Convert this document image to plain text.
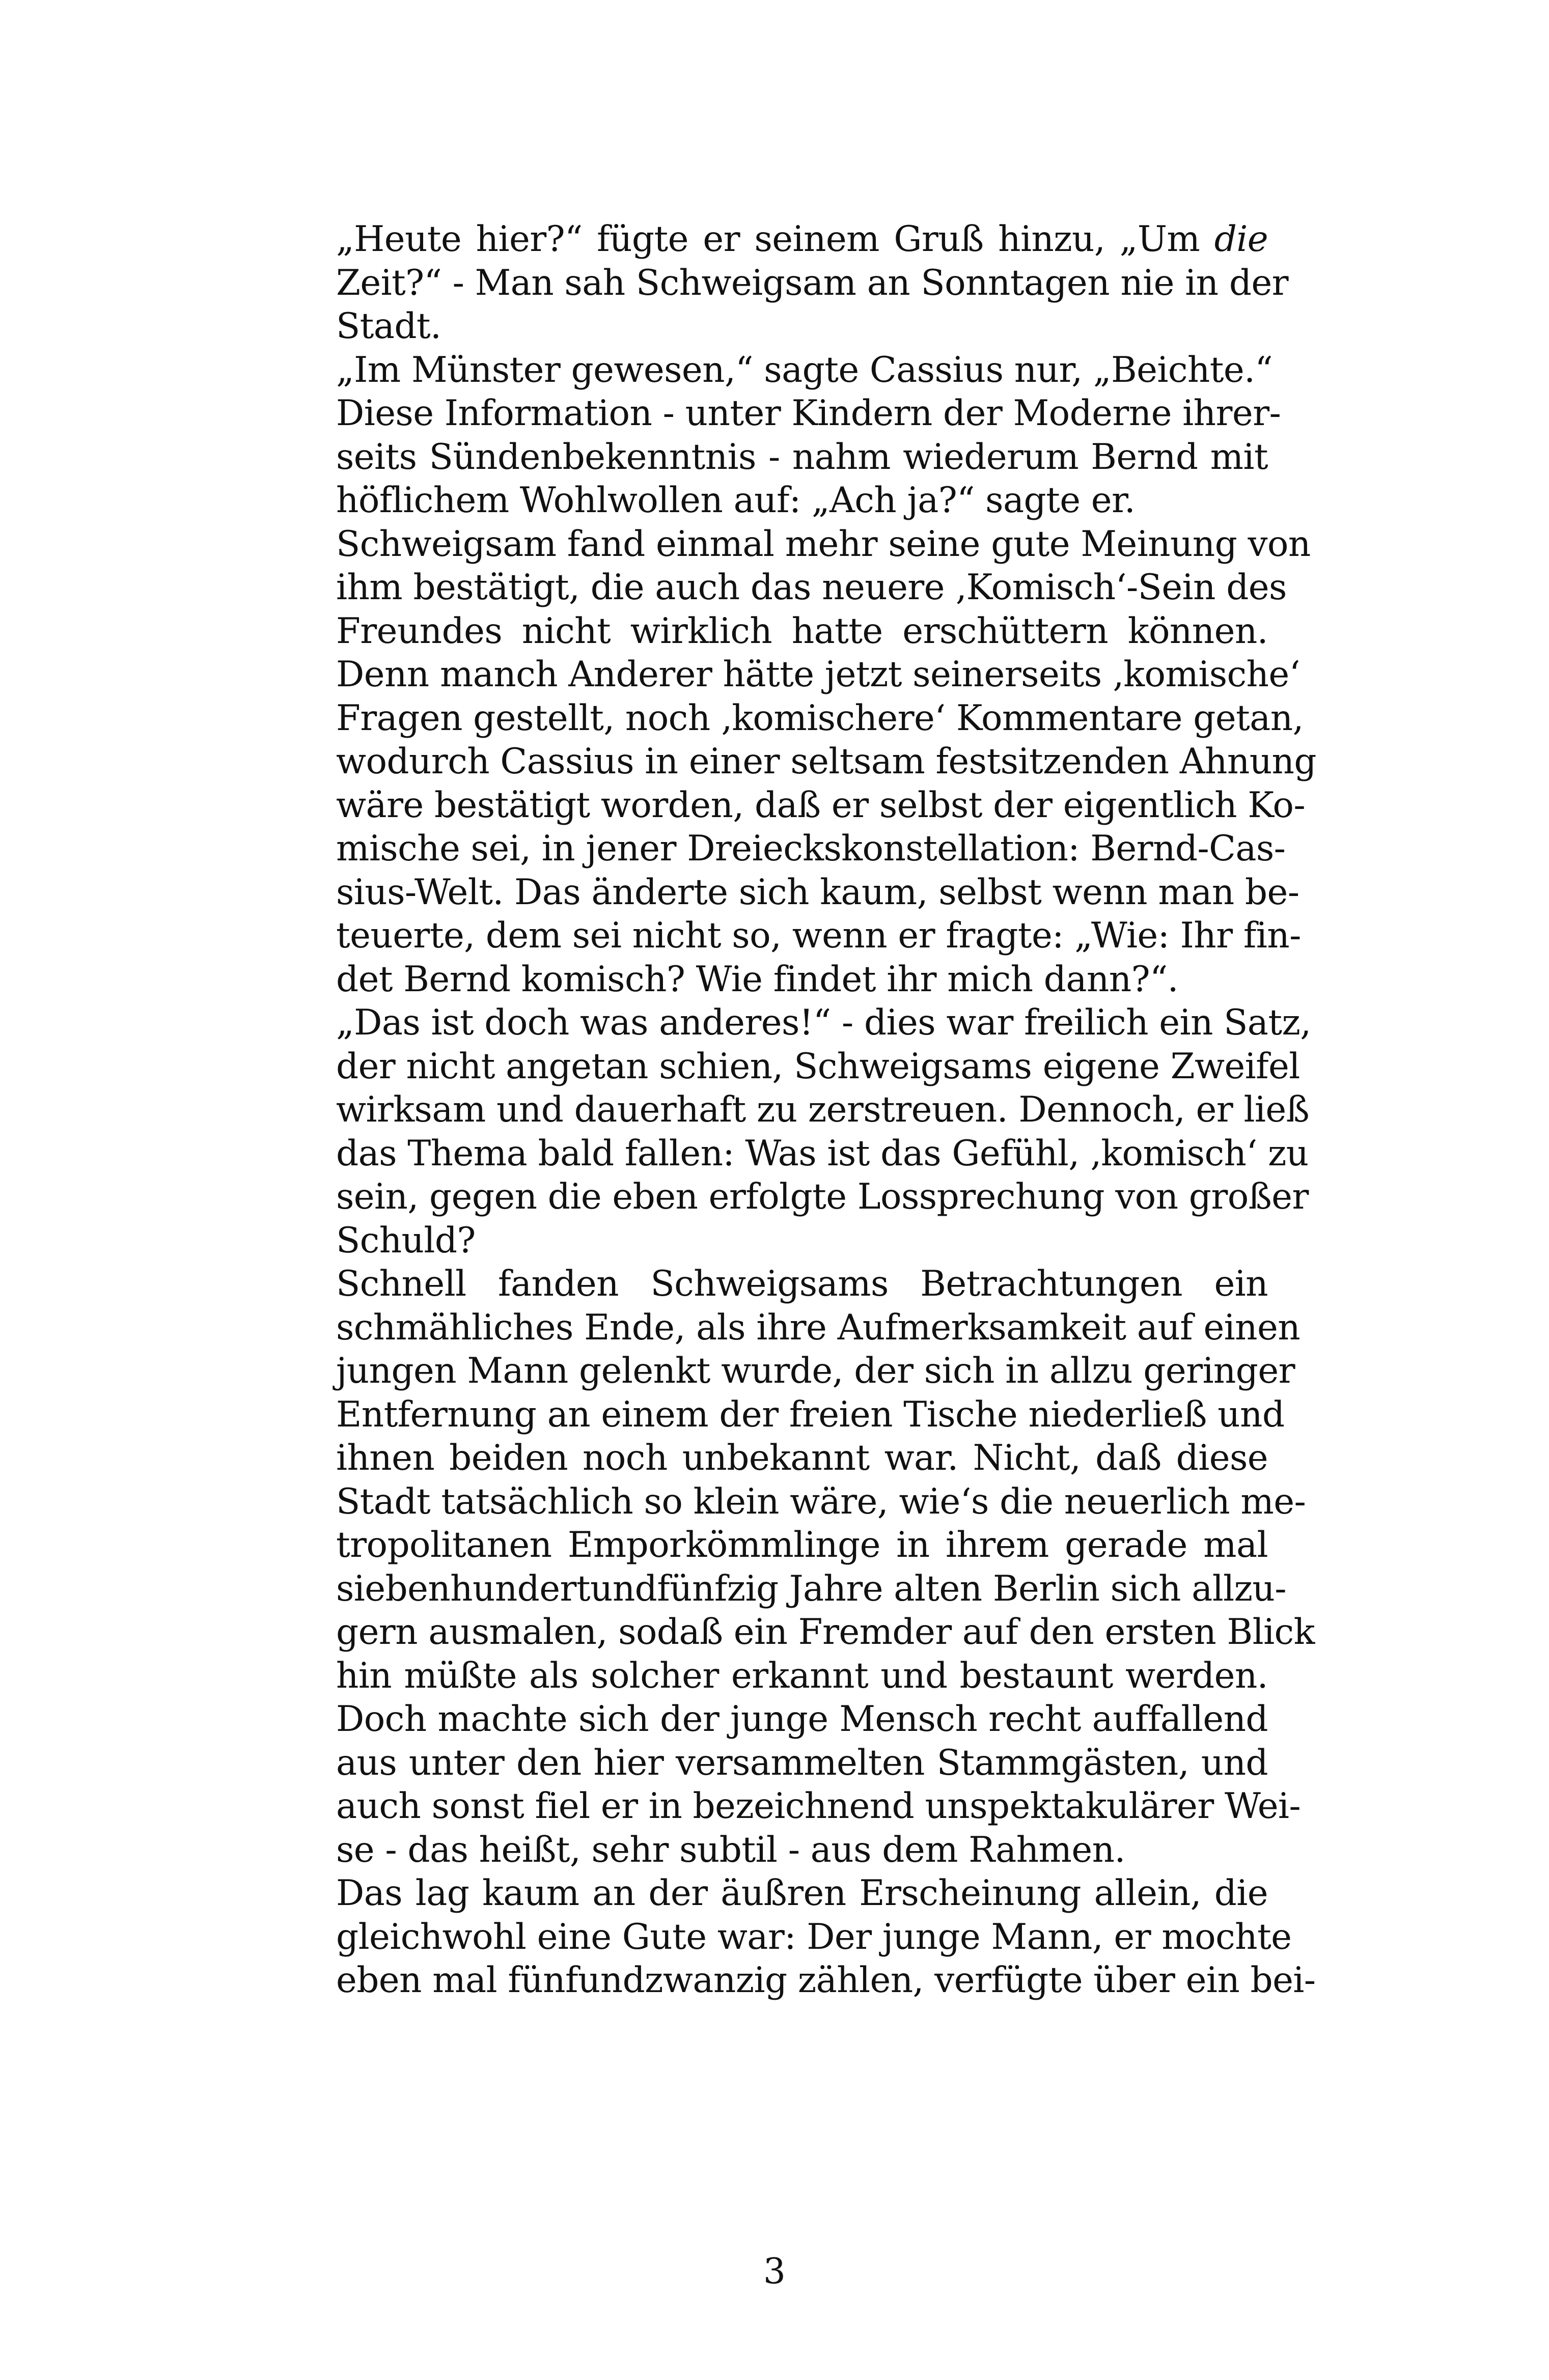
„Heute hier?“ fügte er seinem Gruß hinzu, „Um die
Zeit?“ - Man sah Schweigsam an Sonntagen nie in der
Stadt.
„Im Münster gewesen,“ sagte Cassius nur, „Beichte.“
Diese Information - unter Kindern der Moderne ihrer-
seits Sündenbekenntnis - nahm wiederum Bernd mit
höflichem Wohlwollen auf: „Ach ja?“ sagte er.
Schweigsam fand einmal mehr seine gute Meinung von
ihm bestätigt, die auch das neuere ‚Komisch‘-Sein des
Freundes nicht wirklich hatte erschüttern können.
Denn manch Anderer hätte jetzt seinerseits ‚komische‘
Fragen gestellt, noch ‚komischere‘ Kommentare getan,
wodurch Cassius in einer seltsam festsitzenden Ahnung
wäre bestätigt worden, daß er selbst der eigentlich Ko-
mische sei, in jener Dreieckskonstellation: Bernd-Cas-
sius-Welt. Das änderte sich kaum, selbst wenn man be-
teuerte, dem sei nicht so, wenn er fragte: „Wie: Ihr fin-
det Bernd komisch? Wie findet ihr mich dann?“.
„Das ist doch was anderes!“ - dies war freilich ein Satz,
der nicht angetan schien, Schweigsams eigene Zweifel
wirksam und dauerhaft zu zerstreuen. Dennoch, er ließ
das Thema bald fallen: Was ist das Gefühl, ‚komisch‘ zu
sein, gegen die eben erfolgte Lossprechung von großer
Schuld?
Schnell fanden Schweigsams Betrachtungen ein
schmähliches Ende, als ihre Aufmerksamkeit auf einen
jungen Mann gelenkt wurde, der sich in allzu geringer
Entfernung an einem der freien Tische niederließ und
ihnen beiden noch unbekannt war. Nicht, daß diese
Stadt tatsächlich so klein wäre, wie‘s die neuerlich me-
tropolitanen Emporkömmlinge in ihrem gerade mal
siebenhundertundfünfzig Jahre alten Berlin sich allzu-
gern ausmalen, sodaß ein Fremder auf den ersten Blick
hin müßte als solcher erkannt und bestaunt werden.
Doch machte sich der junge Mensch recht auffallend
aus unter den hier versammelten Stammgästen, und
auch sonst fiel er in bezeichnend unspektakulärer Wei-
se - das heißt, sehr subtil - aus dem Rahmen.
Das lag kaum an der äußren Erscheinung allein, die
gleichwohl eine Gute war: Der junge Mann, er mochte
eben mal fünfundzwanzig zählen, verfügte über ein bei-
3
